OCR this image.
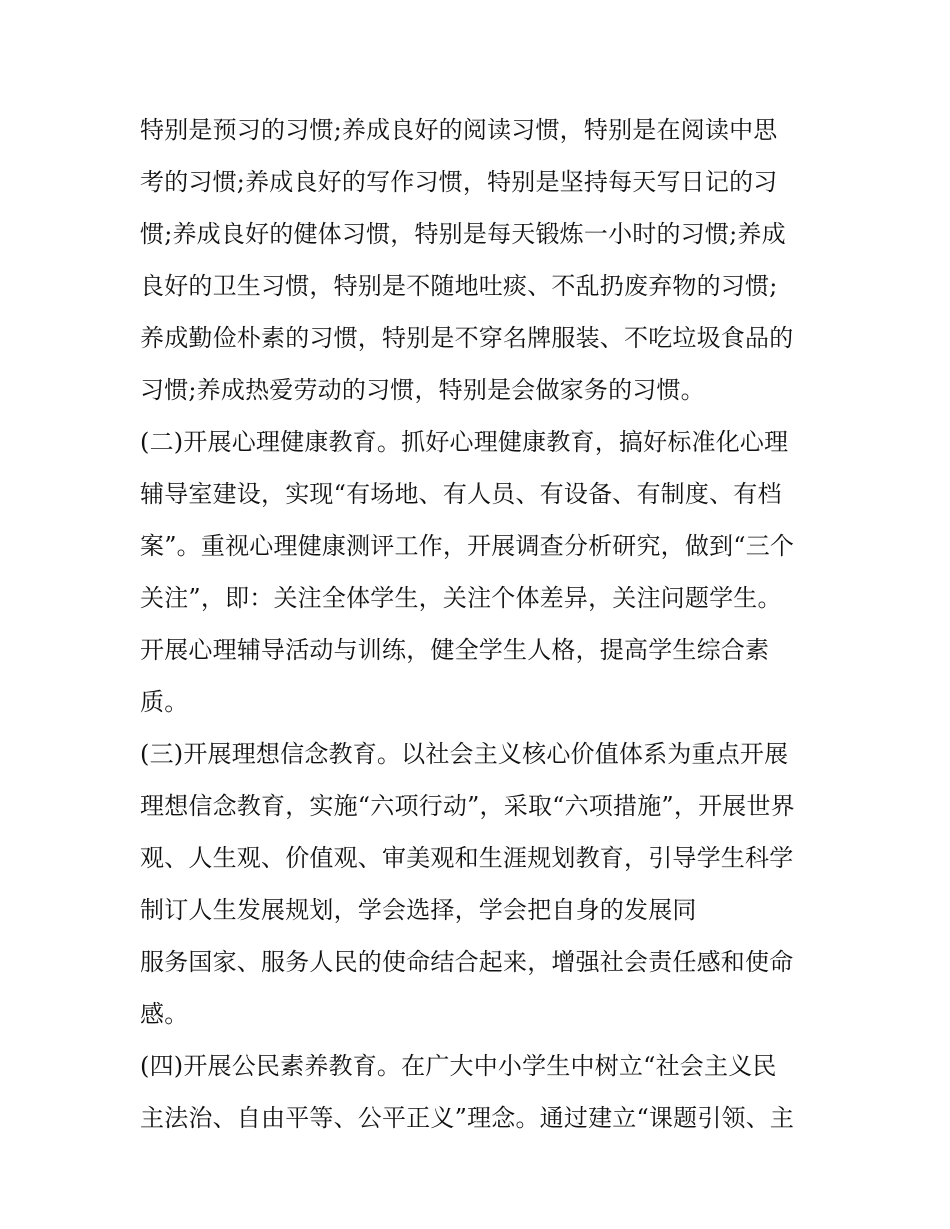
特别是预习的习惯;养成良好的阅读习惯，特别是在阅读中思
考的习惯;养成良好的写作习惯，特别是坚持每天写日记的习
惯;养成良好的健体习惯，特别是每天锻炼一小时的习惯;养成
良好的卫生习惯，特别是不随地吐痰、不乱扔废弃物的习惯;
养成勤俭朴素的习惯，特别是不穿名牌服装、不吃垃圾食品的
习惯;养成热爱劳动的习惯，特别是会做家务的习惯。
(二)开展心理健康教育。抓好心理健康教育，搞好标准化心理
辅导室建设，实现“有场地、有人员、有设备、有制度、有档
案”。重视心理健康测评工作，开展调查分析研究，做到“三个
关注”，即：关注全体学生，关注个体差异，关注问题学生。
开展心理辅导活动与训练，健全学生人格，提高学生综合素
质。
(三)开展理想信念教育。以社会主义核心价值体系为重点开展
理想信念教育，实施“六项行动”，采取“六项措施”，开展世界
观、人生观、价值观、审美观和生涯规划教育，引导学生科学
制订人生发展规划，学会选择，学会把自身的发展同
服务国家、服务人民的使命结合起来，增强社会责任感和使命
感。
(四)开展公民素养教育。在广大中小学生中树立“社会主义民
主法治、自由平等、公平正义”理念。通过建立“课题引领、主
